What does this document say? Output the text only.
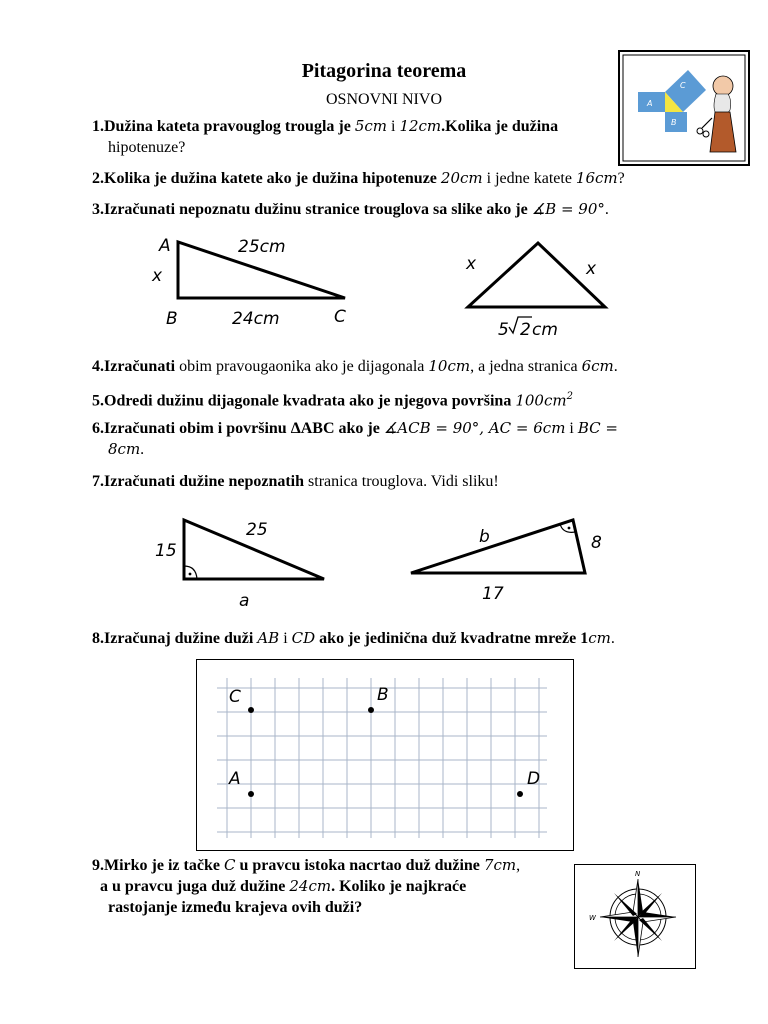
Pitagorina teorema
OSNOVNI NIVO
C
A
B
1.Dužina kateta pravouglog trougla je 5cm i 12cm.Kolika je dužina
hipotenuze?
2.Kolika je dužina katete ako je dužina hipotenuze 20cm i jedne katete 16cm?
3.Izračunati nepoznatu dužinu stranice trouglova sa slike ako je ∡B = 90°.
A
x
B	C
25cm
24cm
x	x
5 2 cm
4.Izračunati obim pravougaonika ako je dijagonala 10cm, a jedna stranica 6cm.
5.Odredi dužinu dijagonale kvadrata ako je njegova površina $100cm^2$
6.Izračunati obim i površinu ΔABC ako je ∡ACB = 90°, AC = 6cm i BC =
8cm.
7.Izračunati dužine nepoznatih stranica trouglova. Vidi sliku!
15
25
a
b	8
17
8.Izračunaj dužine duži AB i CD ako je jedinična duž kvadratne mreže 1cm.
C	B
A	D
9.Mirko je iz tačke C u pravcu istoka nacrtao duž dužine 7cm,
a u pravcu juga duž dužine 24cm. Koliko je najkraće
rastojanje između krajeva ovih duži?
N
W
